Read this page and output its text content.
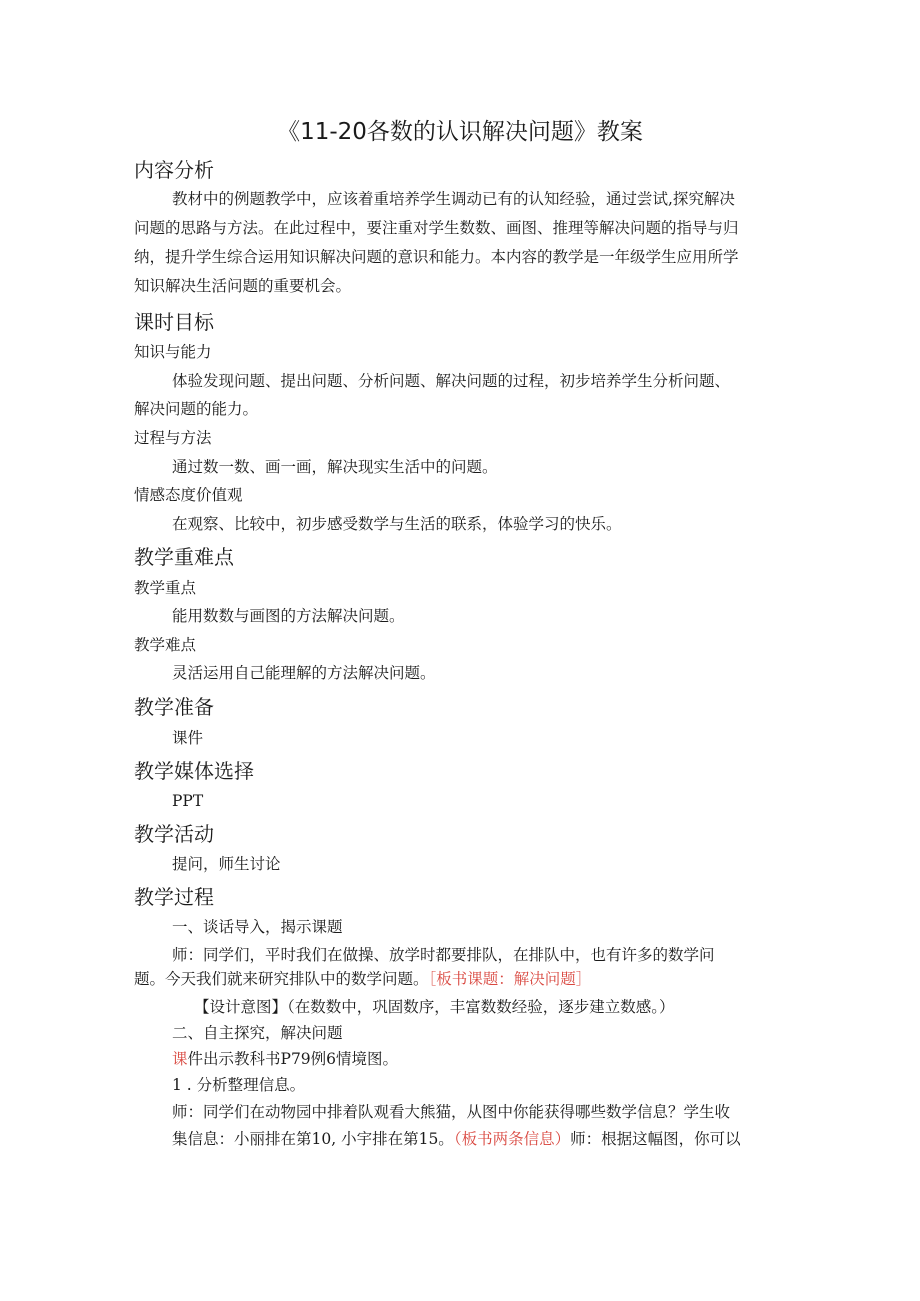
《11-20各数的认识解决问题》教案
内容分析
教材中的例题教学中，应该着重培养学生调动已有的认知经验，通过尝试,探究解决
问题的思路与方法。在此过程中，要注重对学生数数、画图、推理等解决问题的指导与归
纳，提升学生综合运用知识解决问题的意识和能力。本内容的教学是一年级学生应用所学
知识解决生活问题的重要机会。
课时目标
知识与能力
体验发现问题、提出问题、分析问题、解决问题的过程，初步培养学生分析问题、
解决问题的能力。
过程与方法
通过数一数、画一画，解决现实生活中的问题。
情感态度价值观
在观察、比较中，初步感受数学与生活的联系，体验学习的快乐。
教学重难点
教学重点
能用数数与画图的方法解决问题。
教学难点
灵活运用自己能理解的方法解决问题。
教学准备
课件
教学媒体选择
PPT
教学活动
提问，师生讨论
教学过程
一、谈话导入，揭示课题
师：同学们，平时我们在做操、放学时都要排队，在排队中，也有许多的数学问
题。今天我们就来研究排队中的数学问题。［板书课题：解决问题］
【设计意图】（在数数中，巩固数序，丰富数数经验，逐步建立数感。）
二、自主探究，解决问题
课件出示教科书P79例6情境图。
1 . 分析整理信息。
师：同学们在动物园中排着队观看大熊猫，从图中你能获得哪些数学信息？学生收
集信息：小丽排在第10, 小宇排在第15。（板书两条信息）师：根据这幅图，你可以
